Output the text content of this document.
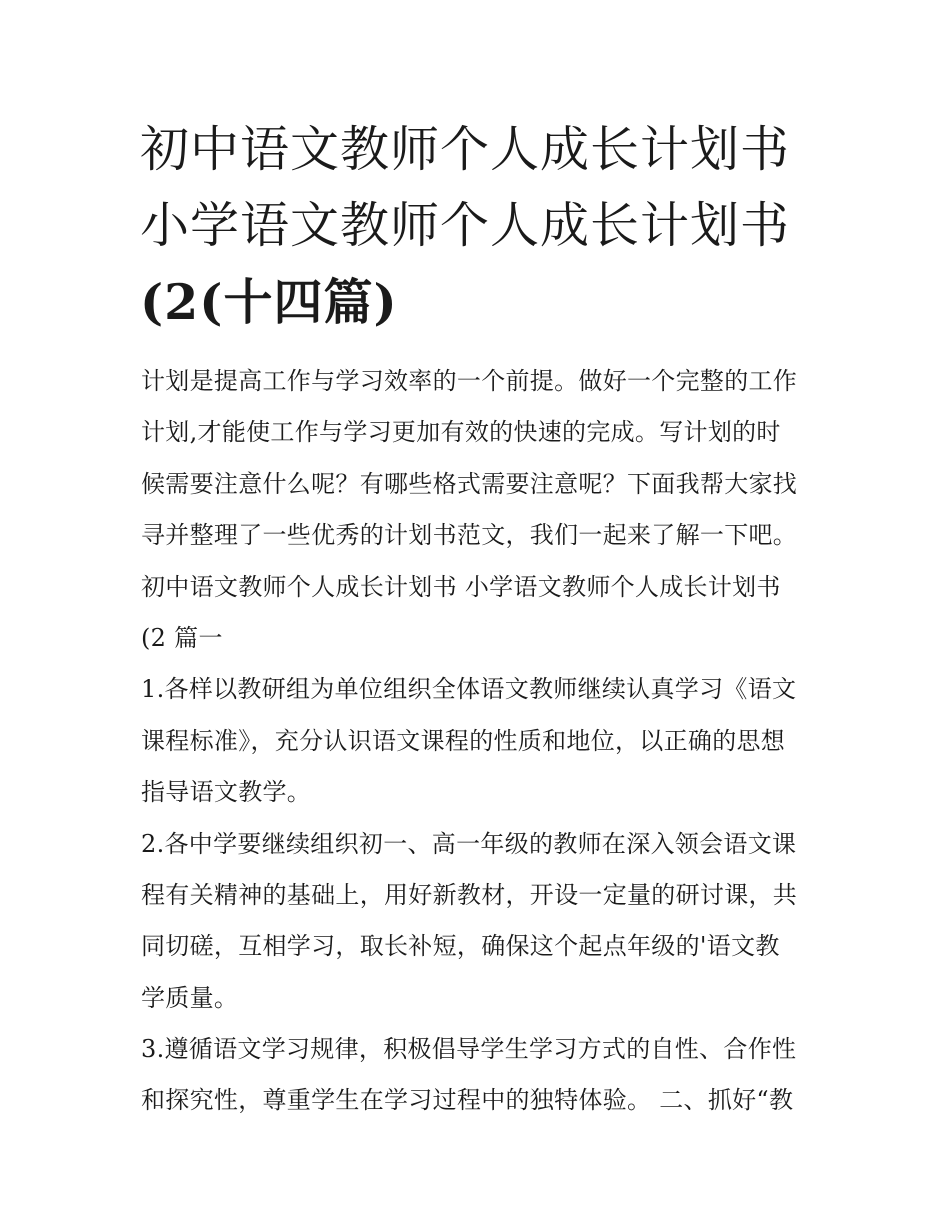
初中语文教师个人成长计划书
小学语文教师个人成长计划书
(2(十四篇)
计划是提高工作与学习效率的一个前提。做好一个完整的工作
计划,才能使工作与学习更加有效的快速的完成。写计划的时
候需要注意什么呢？有哪些格式需要注意呢？下面我帮大家找
寻并整理了一些优秀的计划书范文，我们一起来了解一下吧。
初中语文教师个人成长计划书 小学语文教师个人成长计划书
(2 篇一
1.各样以教研组为单位组织全体语文教师继续认真学习《语文
课程标准》，充分认识语文课程的性质和地位，以正确的思想
指导语文教学。
2.各中学要继续组织初一、高一年级的教师在深入领会语文课
程有关精神的基础上，用好新教材，开设一定量的研讨课，共
同切磋，互相学习，取长补短，确保这个起点年级的'语文教
学质量。
3.遵循语文学习规律，积极倡导学生学习方式的自性、合作性
和探究性，尊重学生在学习过程中的独特体验。 二、抓好“教
